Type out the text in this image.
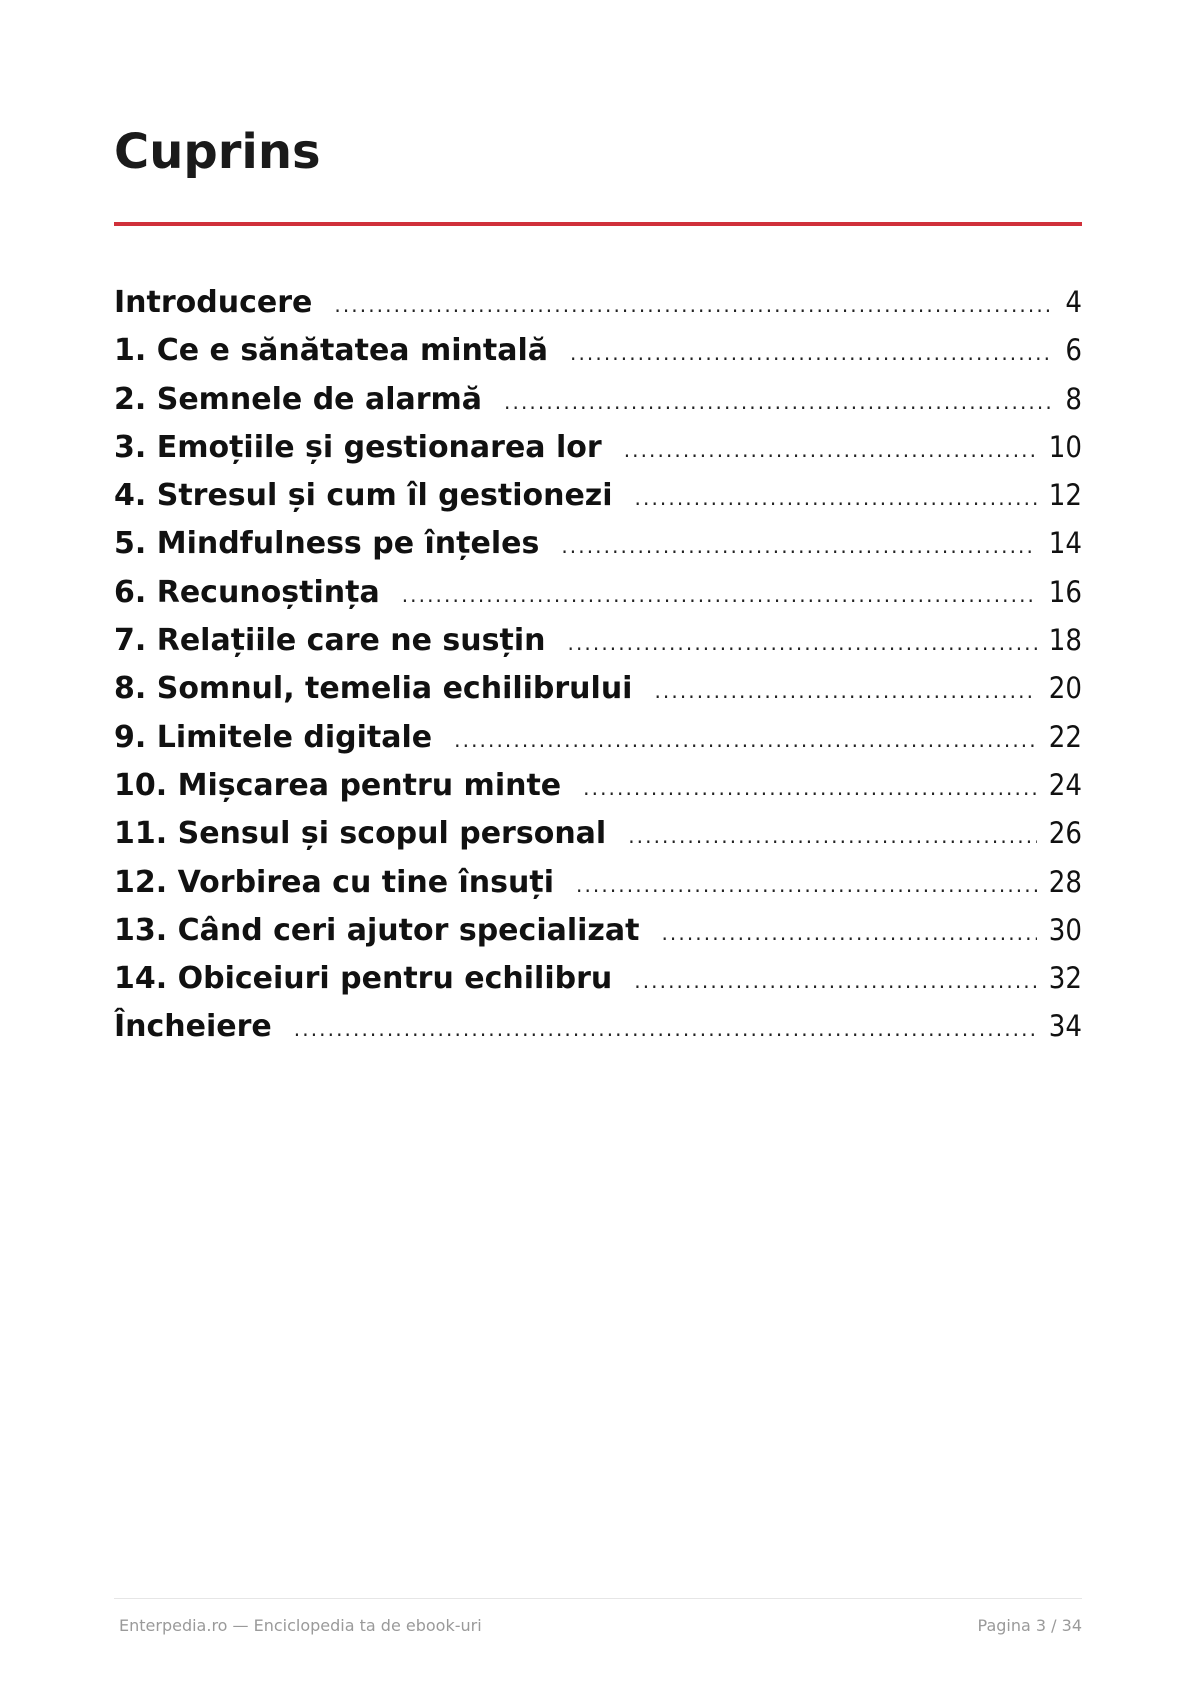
Cuprins
Introducere .....	4
1. Ce e sănătatea mintală .....	6
2. Semnele de alarmă .....	8
3. Emoțiile și gestionarea lor .....	10
4. Stresul și cum îl gestionezi .....	12
5. Mindfulness pe înțeles .....	14
6. Recunoștința .....	16
7. Relațiile care ne susțin .....	18
8. Somnul, temelia echilibrului .....	20
9. Limitele digitale .....	22
10. Mișcarea pentru minte .....	24
11. Sensul și scopul personal .....	26
12. Vorbirea cu tine însuți .....	28
13. Când ceri ajutor specializat .....	30
14. Obiceiuri pentru echilibru .....	32
Încheiere .....	34
Enterpedia.ro — Enciclopedia ta de ebook-uri	Pagina 3 / 34
